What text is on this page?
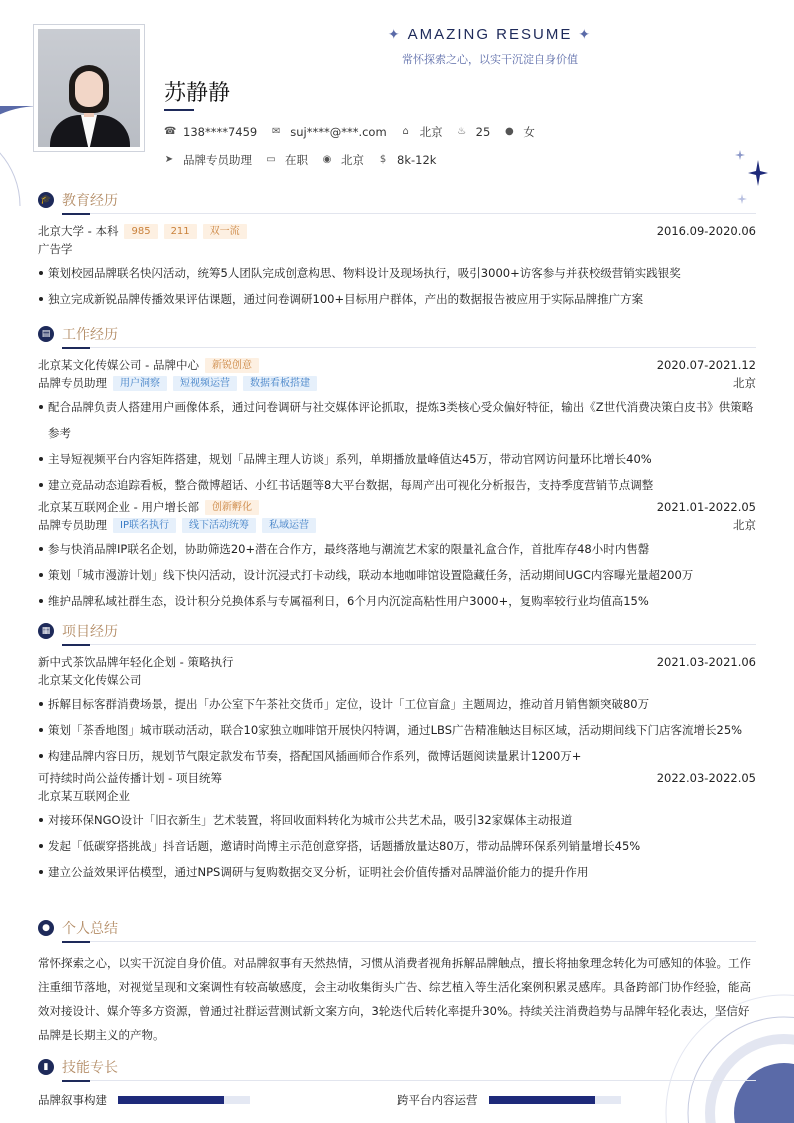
✦ AMAZING RESUME ✦
常怀探索之心，以实干沉淀自身价值
苏静静
☎ 138****7459 ✉ suj****@***.com ⌂ 北京 ♨ 25 ● 女
➤ 品牌专员助理 ▭ 在职 ◉ 北京 $ 8k-12k
🎓 教育经历
北京大学 - 本科	985	211	双一流	2016.09-2020.06
广告学
策划校园品牌联名快闪活动，统筹5人团队完成创意构思、物料设计及现场执行，吸引3000+访客参与并获校级营销实践银奖
独立完成新锐品牌传播效果评估课题，通过问卷调研100+目标用户群体，产出的数据报告被应用于实际品牌推广方案
▤ 工作经历
北京某文化传媒公司 - 品牌中心	新锐创意	2020.07-2021.12
品牌专员助理	用户洞察	短视频运营	数据看板搭建	北京
配合品牌负责人搭建用户画像体系，通过问卷调研与社交媒体评论抓取，提炼3类核心受众偏好特征，输出《Z世代消费决策白皮书》供策略参考
主导短视频平台内容矩阵搭建，规划「品牌主理人访谈」系列，单期播放量峰值达45万，带动官网访问量环比增长40%
建立竞品动态追踪看板，整合微博超话、小红书话题等8大平台数据，每周产出可视化分析报告，支持季度营销节点调整
北京某互联网企业 - 用户增长部	创新孵化	2021.01-2022.05
品牌专员助理	IP联名执行	线下活动统筹	私域运营	北京
参与快消品牌IP联名企划，协助筛选20+潜在合作方，最终落地与潮流艺术家的限量礼盒合作，首批库存48小时内售罄
策划「城市漫游计划」线下快闪活动，设计沉浸式打卡动线，联动本地咖啡馆设置隐藏任务，活动期间UGC内容曝光量超200万
维护品牌私域社群生态，设计积分兑换体系与专属福利日，6个月内沉淀高粘性用户3000+，复购率较行业均值高15%
▦ 项目经历
新中式茶饮品牌年轻化企划 - 策略执行	2021.03-2021.06
北京某文化传媒公司
拆解目标客群消费场景，提出「办公室下午茶社交货币」定位，设计「工位盲盒」主题周边，推动首月销售额突破80万
策划「茶香地图」城市联动活动，联合10家独立咖啡馆开展快闪特调，通过LBS广告精准触达目标区域，活动期间线下门店客流增长25%
构建品牌内容日历，规划节气限定款发布节奏，搭配国风插画师合作系列，微博话题阅读量累计1200万+
可持续时尚公益传播计划 - 项目统筹	2022.03-2022.05
北京某互联网企业
对接环保NGO设计「旧衣新生」艺术装置，将回收面料转化为城市公共艺术品，吸引32家媒体主动报道
发起「低碳穿搭挑战」抖音话题，邀请时尚博主示范创意穿搭，话题播放量达80万，带动品牌环保系列销量增长45%
建立公益效果评估模型，通过NPS调研与复购数据交叉分析，证明社会价值传播对品牌溢价能力的提升作用
● 个人总结
常怀探索之心，以实干沉淀自身价值。对品牌叙事有天然热情，习惯从消费者视角拆解品牌触点，擅长将抽象理念转化为可感知的体验。工作注重细节落地，对视觉呈现和文案调性有较高敏感度，会主动收集街头广告、综艺植入等生活化案例积累灵感库。具备跨部门协作经验，能高效对接设计、媒介等多方资源，曾通过社群运营测试新文案方向，3轮迭代后转化率提升30%。持续关注消费趋势与品牌年轻化表达，坚信好品牌是长期主义的产物。
▮ 技能专长
品牌叙事构建	跨平台内容运营
